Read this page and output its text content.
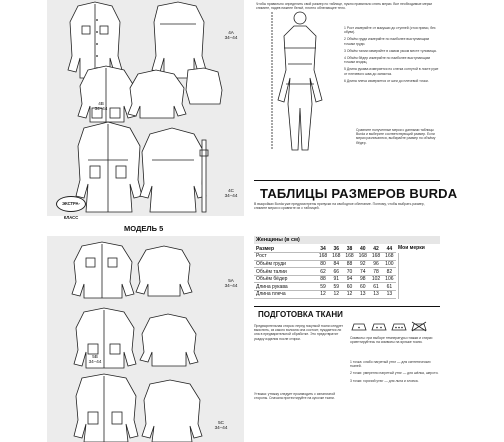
4A
34–44
4B
34–44
4C
34–44
ЭКСТРА-КЛАСС
МОДЕЛЬ 5
5A
34–44
5B
34–44
5C
34–44
Чтобы правильно определить свой размер по таблице, нужно правильно снять мерки. Все необходимые мерки снимите, надев нижнее бельё, плотно облегающее тело.
1 Рост измеряйте от макушки до ступней (стоя прямо, без обуви).
2 Объём груди измеряйте по наиболее выступающим точкам груди.
3 Объём талии измеряйте в самом узком месте туловища.
4 Объём бёдер измеряйте по наиболее выступающим точкам ягодиц.
5 Длина рукава измеряется по слегка согнутой в локте руке от плечевого шва до запястья.
6 Длина плеча измеряется от шеи до плечевой точки.
Сравните полученные мерки с данными таблицы Burda и выберите соответствующий размер. Если мерки различаются, выбирайте размер по объёму бёдер.
ТАБЛИЦЫ РАЗМЕРОВ BURDA
В выкройках Burda уже предусмотрены припуски на свободное облегание. Поэтому, чтобы выбрать размер, снимите мерки и сравните их с таблицей.
Женщины (в см)
Мои мерки
Размер	34	36	38	40	42	44
Рост	168	168	168	168	168	168
Объём груди	80	84	88	92	96	100
Объём талии	62	66	70	74	78	82
Объём бёдер	88	91	94	98	102	106
Длина рукава	59	59	60	60	61	61
Длина плеча	12	12	12	13	13	13
ПОДГОТОВКА ТКАНИ
Предварительная стирка: перед покупкой ткани следует выяснить, из какого волокна она состоит, нуждается ли она в предварительной обработке. Это предотвратит усадку изделия после стирки.
Утюжка: утюжку следует производить с изнаночной стороны. Сначала протестируйте на кусочке ткани.
Символы: при выборе температуры глажки и стирки ориентируйтесь на символы на ярлыке ткани.
1 точка: слабо нагретый утюг — для синтетических тканей.
2 точки: умеренно нагретый утюг — для шёлка, шерсти.
3 точки: горячий утюг — для льна и хлопка.
